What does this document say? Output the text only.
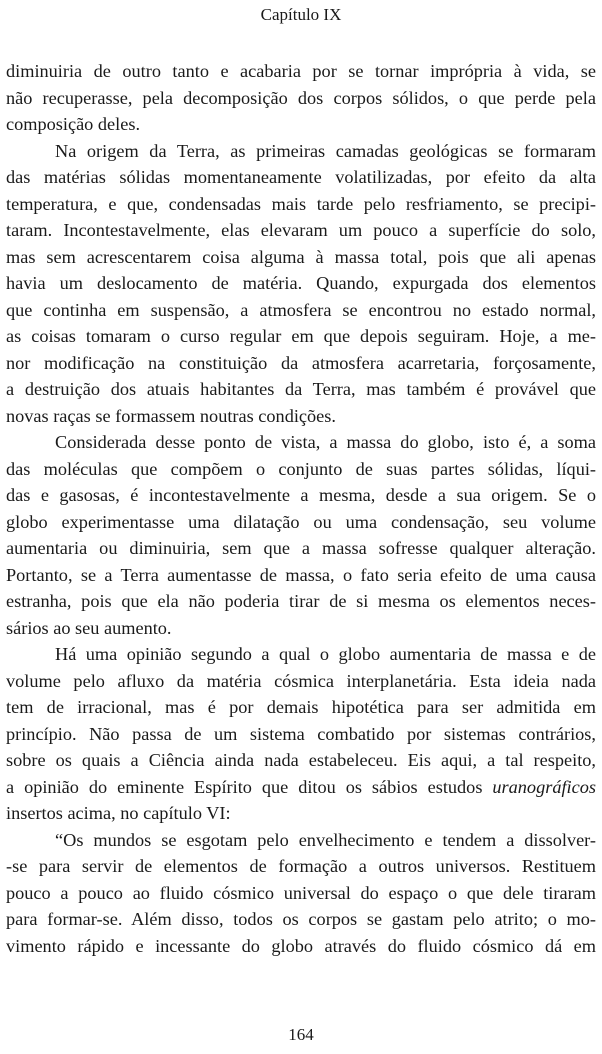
Capítulo IX

diminuiria de outro tanto e acabaria por se tornar imprópria à vida, se
não recuperasse, pela decomposição dos corpos sólidos, o que perde pela
composição deles.

Na origem da Terra, as primeiras camadas geológicas se formaram
das matérias sólidas momentaneamente volatilizadas, por efeito da alta
temperatura, e que, condensadas mais tarde pelo resfriamento, se precipi-
taram. Incontestavelmente, elas elevaram um pouco a superfície do solo,
mas sem acrescentarem coisa alguma à massa total, pois que ali apenas
havia um deslocamento de matéria. Quando, expurgada dos elementos
que continha em suspensão, a atmosfera se encontrou no estado normal,
as coisas tomaram o curso regular em que depois seguiram. Hoje, a me-
nor modificação na constituição da atmosfera acarretaria, forçosamente,
a destruição dos atuais habitantes da Terra, mas também é provável que
novas raças se formassem noutras condições.

Considerada desse ponto de vista, a massa do globo, isto é, a soma
das moléculas que compõem o conjunto de suas partes sólidas, líqui-
das e gasosas, é incontestavelmente a mesma, desde a sua origem. Se o
globo experimentasse uma dilatação ou uma condensação, seu volume
aumentaria ou diminuiria, sem que a massa sofresse qualquer alteração.
Portanto, se a Terra aumentasse de massa, o fato seria efeito de uma causa
estranha, pois que ela não poderia tirar de si mesma os elementos neces-
sários ao seu aumento.

Há uma opinião segundo a qual o globo aumentaria de massa e de
volume pelo afluxo da matéria cósmica interplanetária. Esta ideia nada
tem de irracional, mas é por demais hipotética para ser admitida em
princípio. Não passa de um sistema combatido por sistemas contrários,
sobre os quais a Ciência ainda nada estabeleceu. Eis aqui, a tal respeito,
a opinião do eminente Espírito que ditou os sábios estudos uranográficos
insertos acima, no capítulo VI:

“Os mundos se esgotam pelo envelhecimento e tendem a dissolver-
-se para servir de elementos de formação a outros universos. Restituem
pouco a pouco ao fluido cósmico universal do espaço o que dele tiraram
para formar-se. Além disso, todos os corpos se gastam pelo atrito; o mo-
vimento rápido e incessante do globo através do fluido cósmico dá em

164
